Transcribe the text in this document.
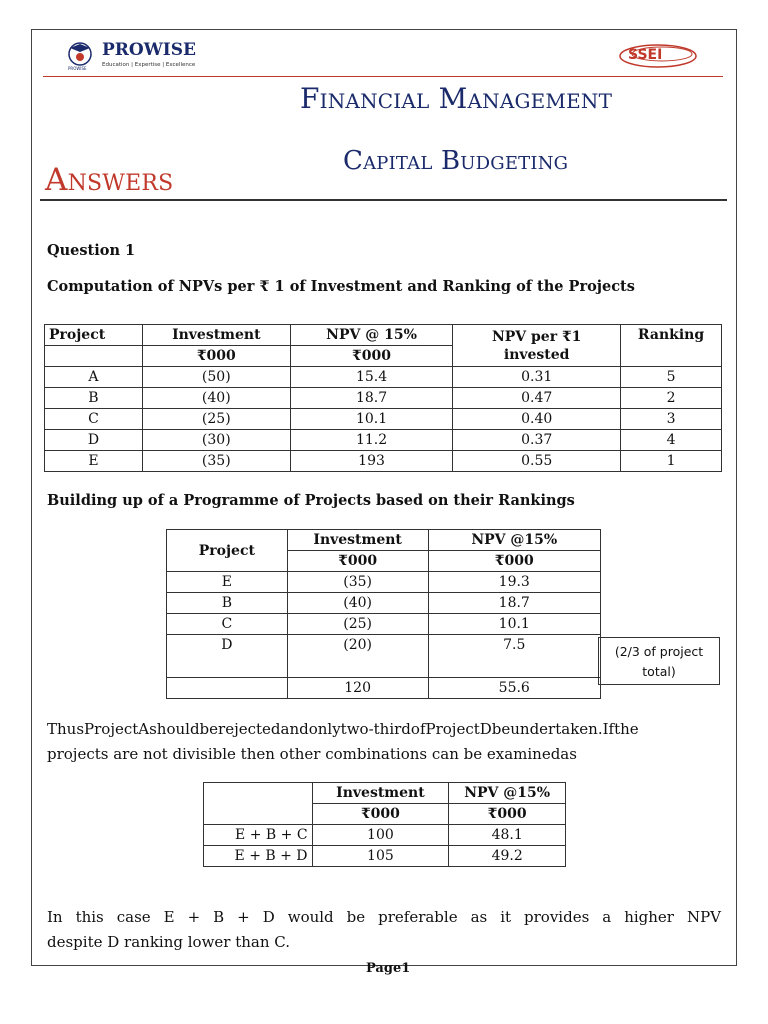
PROWISE
Education | Expertise | Excellence
PROWISE
SSEI
Financial Management
Capital Budgeting
Answers
Question 1
Computation of NPVs per ₹ 1 of Investment and Ranking of the Projects
Project	Investment	NPV @ 15%	NPV per ₹1 invested	Ranking
	₹000	₹000		
A	(50)	15.4	0.31	5
B	(40)	18.7	0.47	2
C	(25)	10.1	0.40	3
D	(30)	11.2	0.37	4
E	(35)	193	0.55	1
Building up of a Programme of Projects based on their Rankings
Project	Investment	NPV @15%
	₹000	₹000
E	(35)	19.3
B	(40)	18.7
C	(25)	10.1
D	(20)	7.5
	120	55.6
(2/3 of project total)
ThusProjectAshouldberejectedandonlytwo-thirdofProjectDbeundertaken.Ifthe
projects are not divisible then other combinations can be examinedas
	Investment	NPV @15%
	₹000	₹000
E + B + C	100	48.1
E + B + D	105	49.2
In this case E + B + D would be preferable as it provides a higher NPV
despite D ranking lower than C.
Page1
